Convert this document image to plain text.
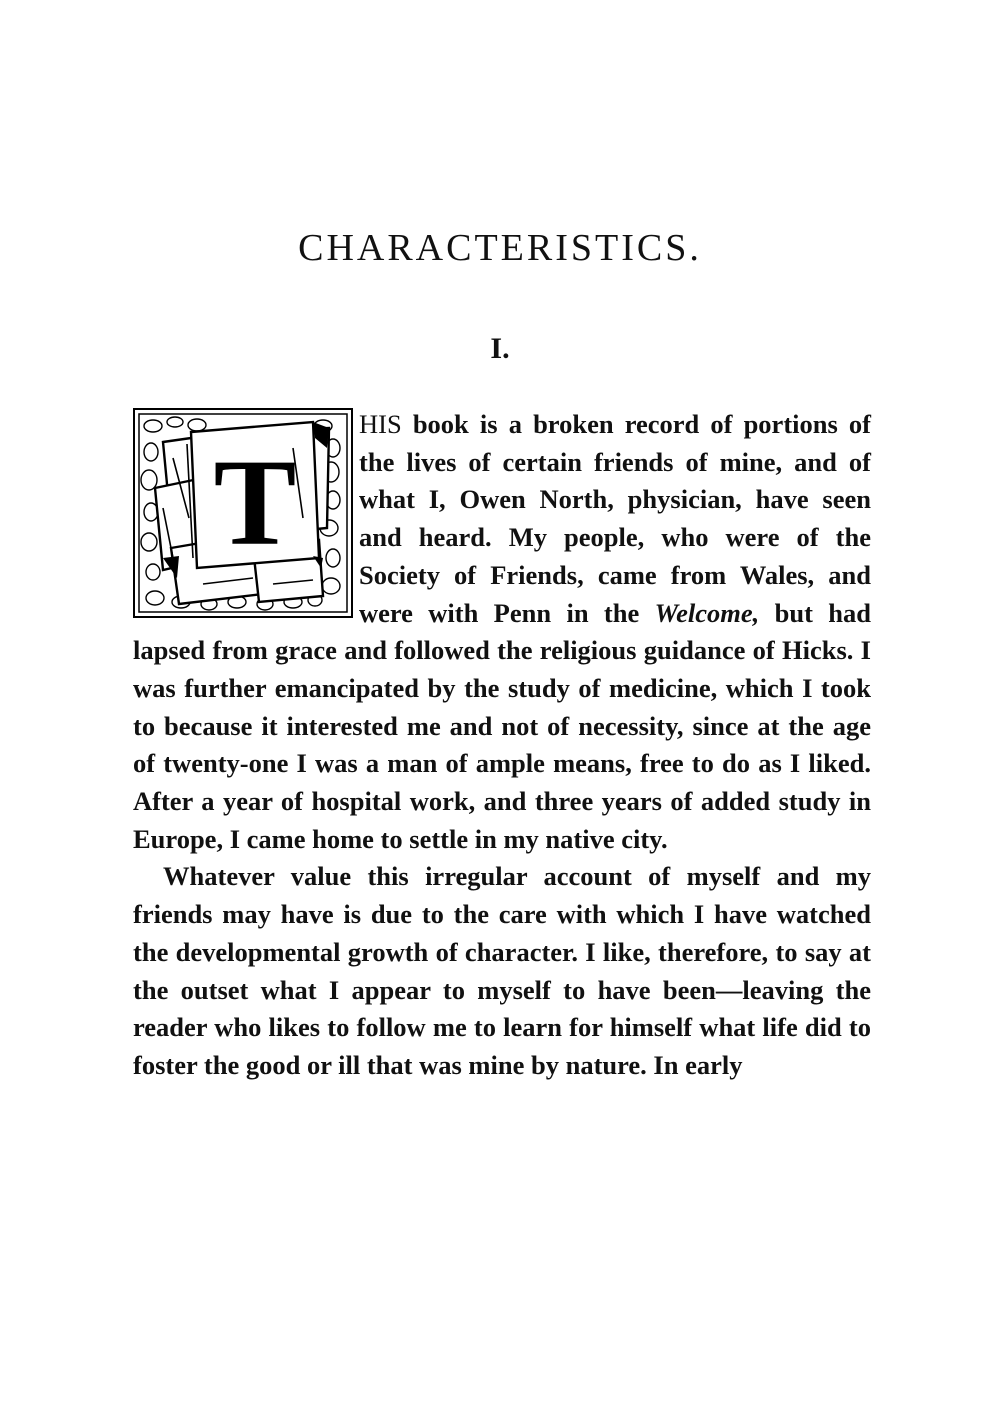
CHARACTERISTICS.
I.
T

HIS book is a broken record of portions of the lives of certain friends of mine, and of what I, Owen North, physician, have seen and heard. My people, who were of the Society of Friends, came from Wales, and were with Penn in the Welcome, but had lapsed from grace and followed the religious guidance of Hicks. I was further emancipated by the study of medicine, which I took to because it interested me and not of necessity, since at the age of twenty-one I was a man of ample means, free to do as I liked. After a year of hospital work, and three years of added study in Europe, I came home to settle in my native city.

Whatever value this irregular account of myself and my friends may have is due to the care with which I have watched the developmental growth of character. I like, therefore, to say at the outset what I appear to myself to have been—leaving the reader who likes to follow me to learn for himself what life did to foster the good or ill that was mine by nature. In early
